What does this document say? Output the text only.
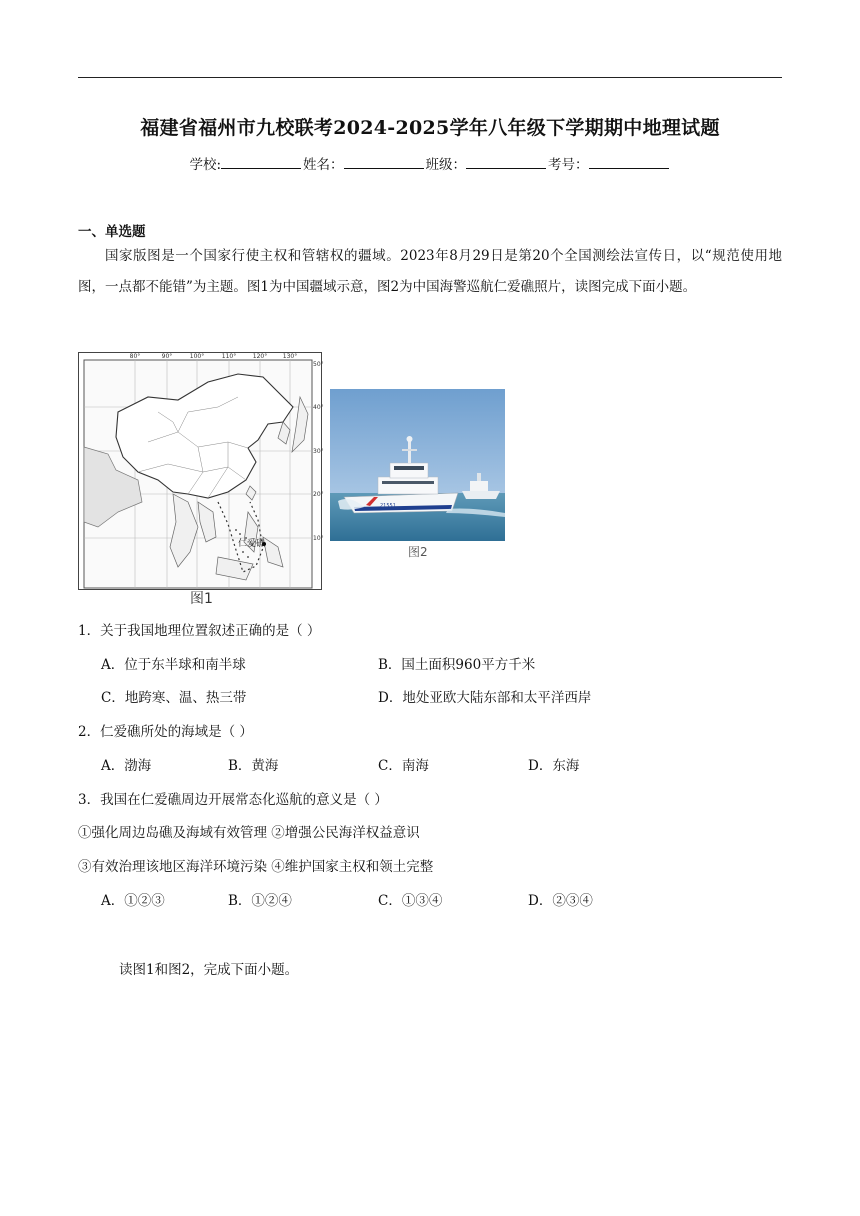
福建省福州市九校联考2024-2025学年八年级下学期期中地理试题
学校:	姓名：	班级：	考号：
一、单选题
国家版图是一个国家行使主权和管辖权的疆域。2023年8月29日是第20个全国测绘法宣传日，以“规范使用地图，一点都不能错”为主题。图1为中国疆域示意，图2为中国海警巡航仁爱礁照片，读图完成下面小题。
仁爱礁
80°	90°	100°	110°	120°	130°
50°
40°
30°
20°
10°
图1
21551
图2
1．关于我国地理位置叙述正确的是（ ）
A．位于东半球和南半球	B．国土面积960平方千米
C．地跨寒、温、热三带	D．地处亚欧大陆东部和太平洋西岸
2．仁爱礁所处的海域是（ ）
A．渤海	B．黄海	C．南海	D．东海
3．我国在仁爱礁周边开展常态化巡航的意义是（ ）
①强化周边岛礁及海域有效管理 ②增强公民海洋权益意识
③有效治理该地区海洋环境污染 ④维护国家主权和领土完整
A．①②③	B．①②④	C．①③④	D．②③④
读图1和图2，完成下面小题。
